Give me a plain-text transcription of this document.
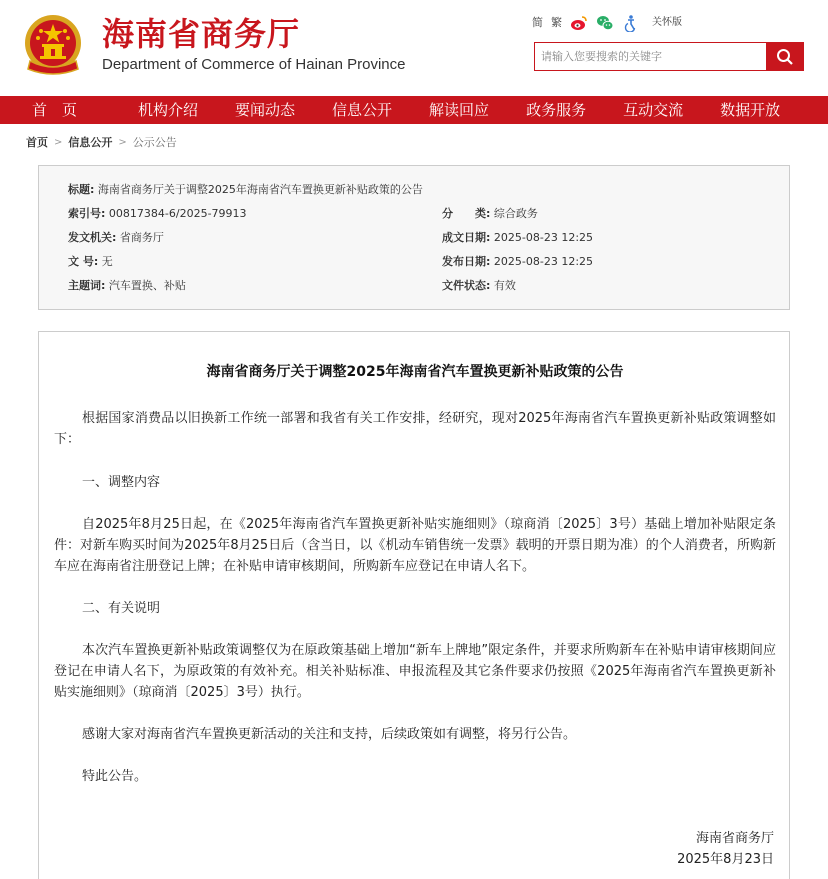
海南省商务厅
Department of Commerce of Hainan Province
简 繁	关怀版
请输入您要搜索的关键字
首　页	机构介绍 要闻动态 信息公开 解读回应 政务服务 互动交流 数据开放
首页 > 信息公开 > 公示公告
标题: 海南省商务厅关于调整2025年海南省汽车置换更新补贴政策的公告
索引号: 00817384-6/2025-79913	分　　类: 综合政务
发文机关: 省商务厅	成文日期: 2025-08-23 12:25
文 号: 无	发布日期: 2025-08-23 12:25
主题词: 汽车置换、补贴	文件状态: 有效
海南省商务厅关于调整2025年海南省汽车置换更新补贴政策的公告

根据国家消费品以旧换新工作统一部署和我省有关工作安排，经研究，现对2025年海南省汽车置换更新补贴政策调整如下：

一、调整内容

自2025年8月25日起，在《2025年海南省汽车置换更新补贴实施细则》（琼商消〔2025〕3号）基础上增加补贴限定条件：对新车购买时间为2025年8月25日后（含当日，以《机动车销售统一发票》载明的开票日期为准）的个人消费者，所购新车应在海南省注册登记上牌；在补贴申请审核期间，所购新车应登记在申请人名下。

二、有关说明

本次汽车置换更新补贴政策调整仅为在原政策基础上增加“新车上牌地”限定条件，并要求所购新车在补贴申请审核期间应登记在申请人名下，为原政策的有效补充。相关补贴标准、申报流程及其它条件要求仍按照《2025年海南省汽车置换更新补贴实施细则》（琼商消〔2025〕3号）执行。

感谢大家对海南省汽车置换更新活动的关注和支持，后续政策如有调整，将另行公告。

特此公告。

海南省商务厅
2025年8月23日
